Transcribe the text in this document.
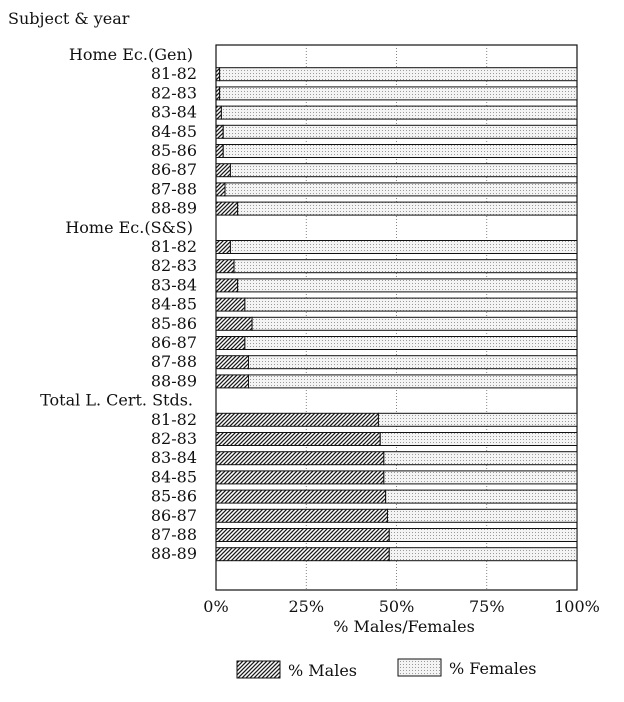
Subject & year
Home Ec.(Gen)
81-82
82-83
83-84
84-85
85-86
86-87
87-88
88-89
Home Ec.(S&S)
81-82
82-83
83-84
84-85
85-86
86-87
87-88
88-89
Total L. Cert. Stds.
81-82
82-83
83-84
84-85
85-86
86-87
87-88
88-89
0%	25%	50%	75%	100%
% Males/Females
% Males	% Females
